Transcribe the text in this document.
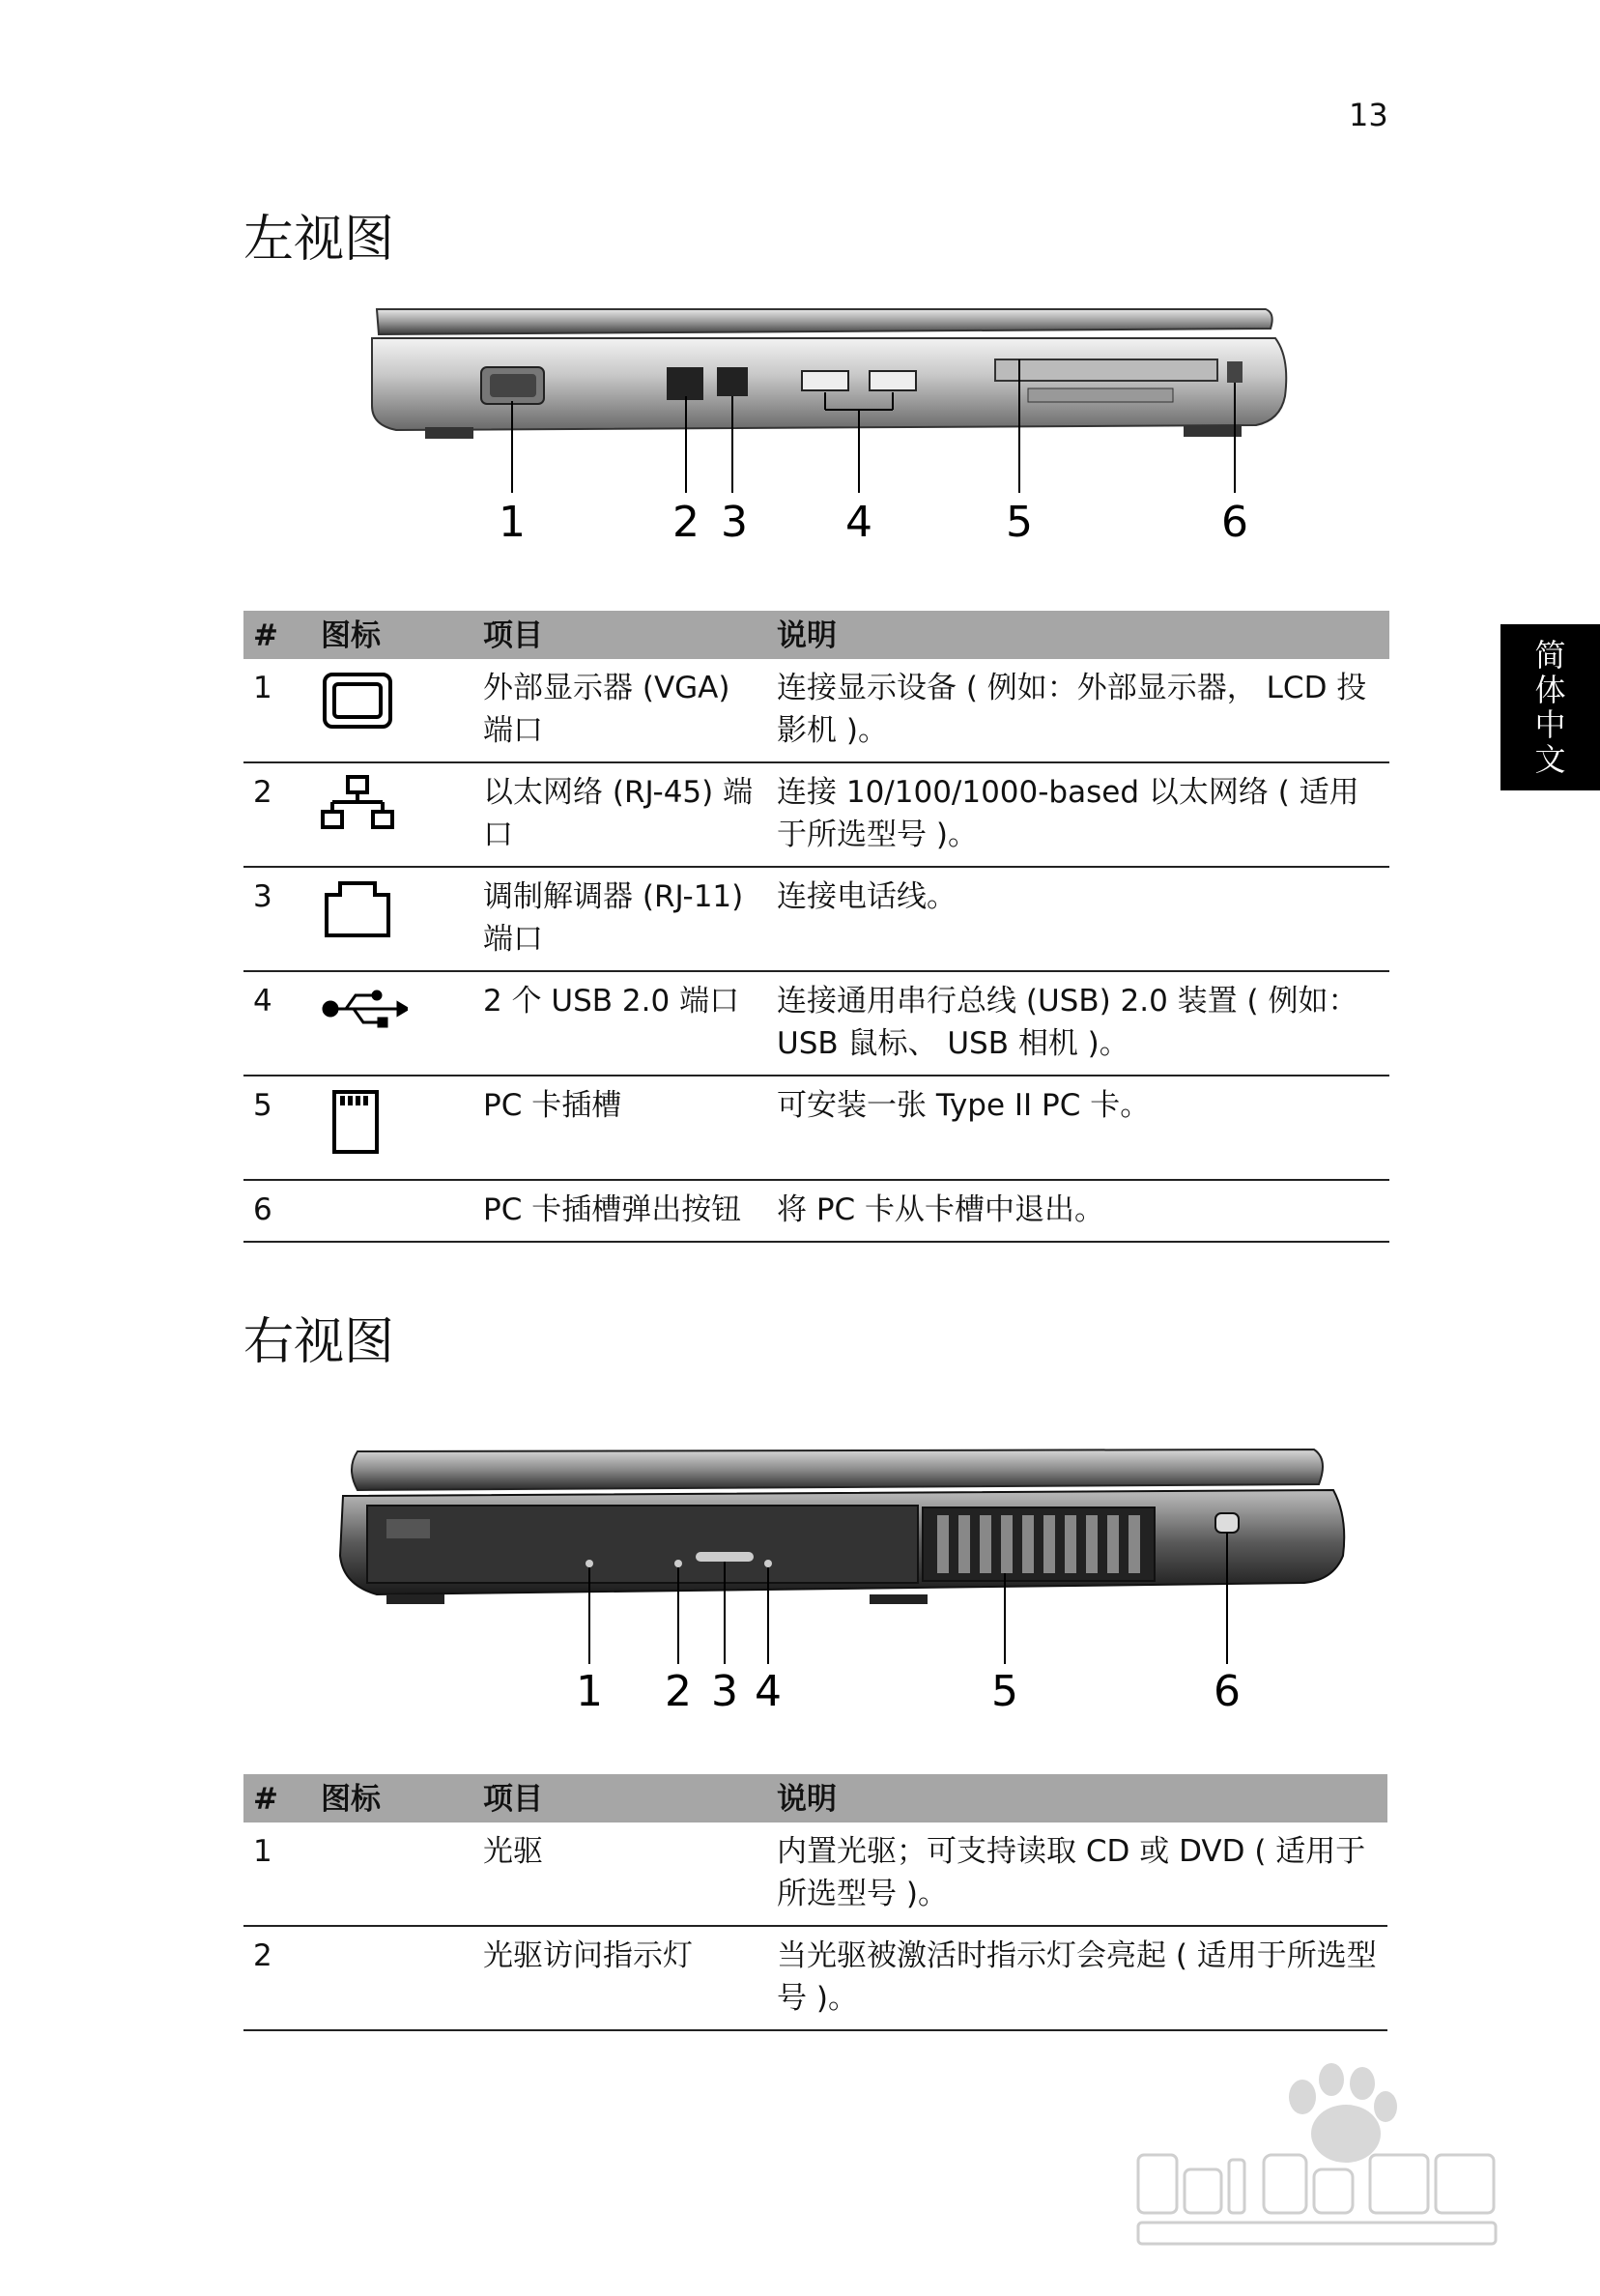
13
简
体
中
文
左视图
1	2 3 4	5	6
#	图标	项目	说明
1		外部显示器 (VGA) 端口	连接显示设备 ( 例如：外部显示器， LCD 投影机 )。
2		以太网络 (RJ-45) 端口	连接 10/100/1000-based 以太网络 ( 适用于所选型号 )。
3		调制解调器 (RJ-11) 端口	连接电话线。
4		2 个 USB 2.0 端口	连接通用串行总线 (USB) 2.0 装置 ( 例如：USB 鼠标、 USB 相机 )。
5		PC 卡插槽	可安装一张 Type II PC 卡。
6		PC 卡插槽弹出按钮	将 PC 卡从卡槽中退出。
右视图
1 2 3 4	5	6
#	图标	项目	说明
1		光驱	内置光驱；可支持读取 CD 或 DVD ( 适用于所选型号 )。
2		光驱访问指示灯	当光驱被激活时指示灯会亮起 ( 适用于所选型号 )。
